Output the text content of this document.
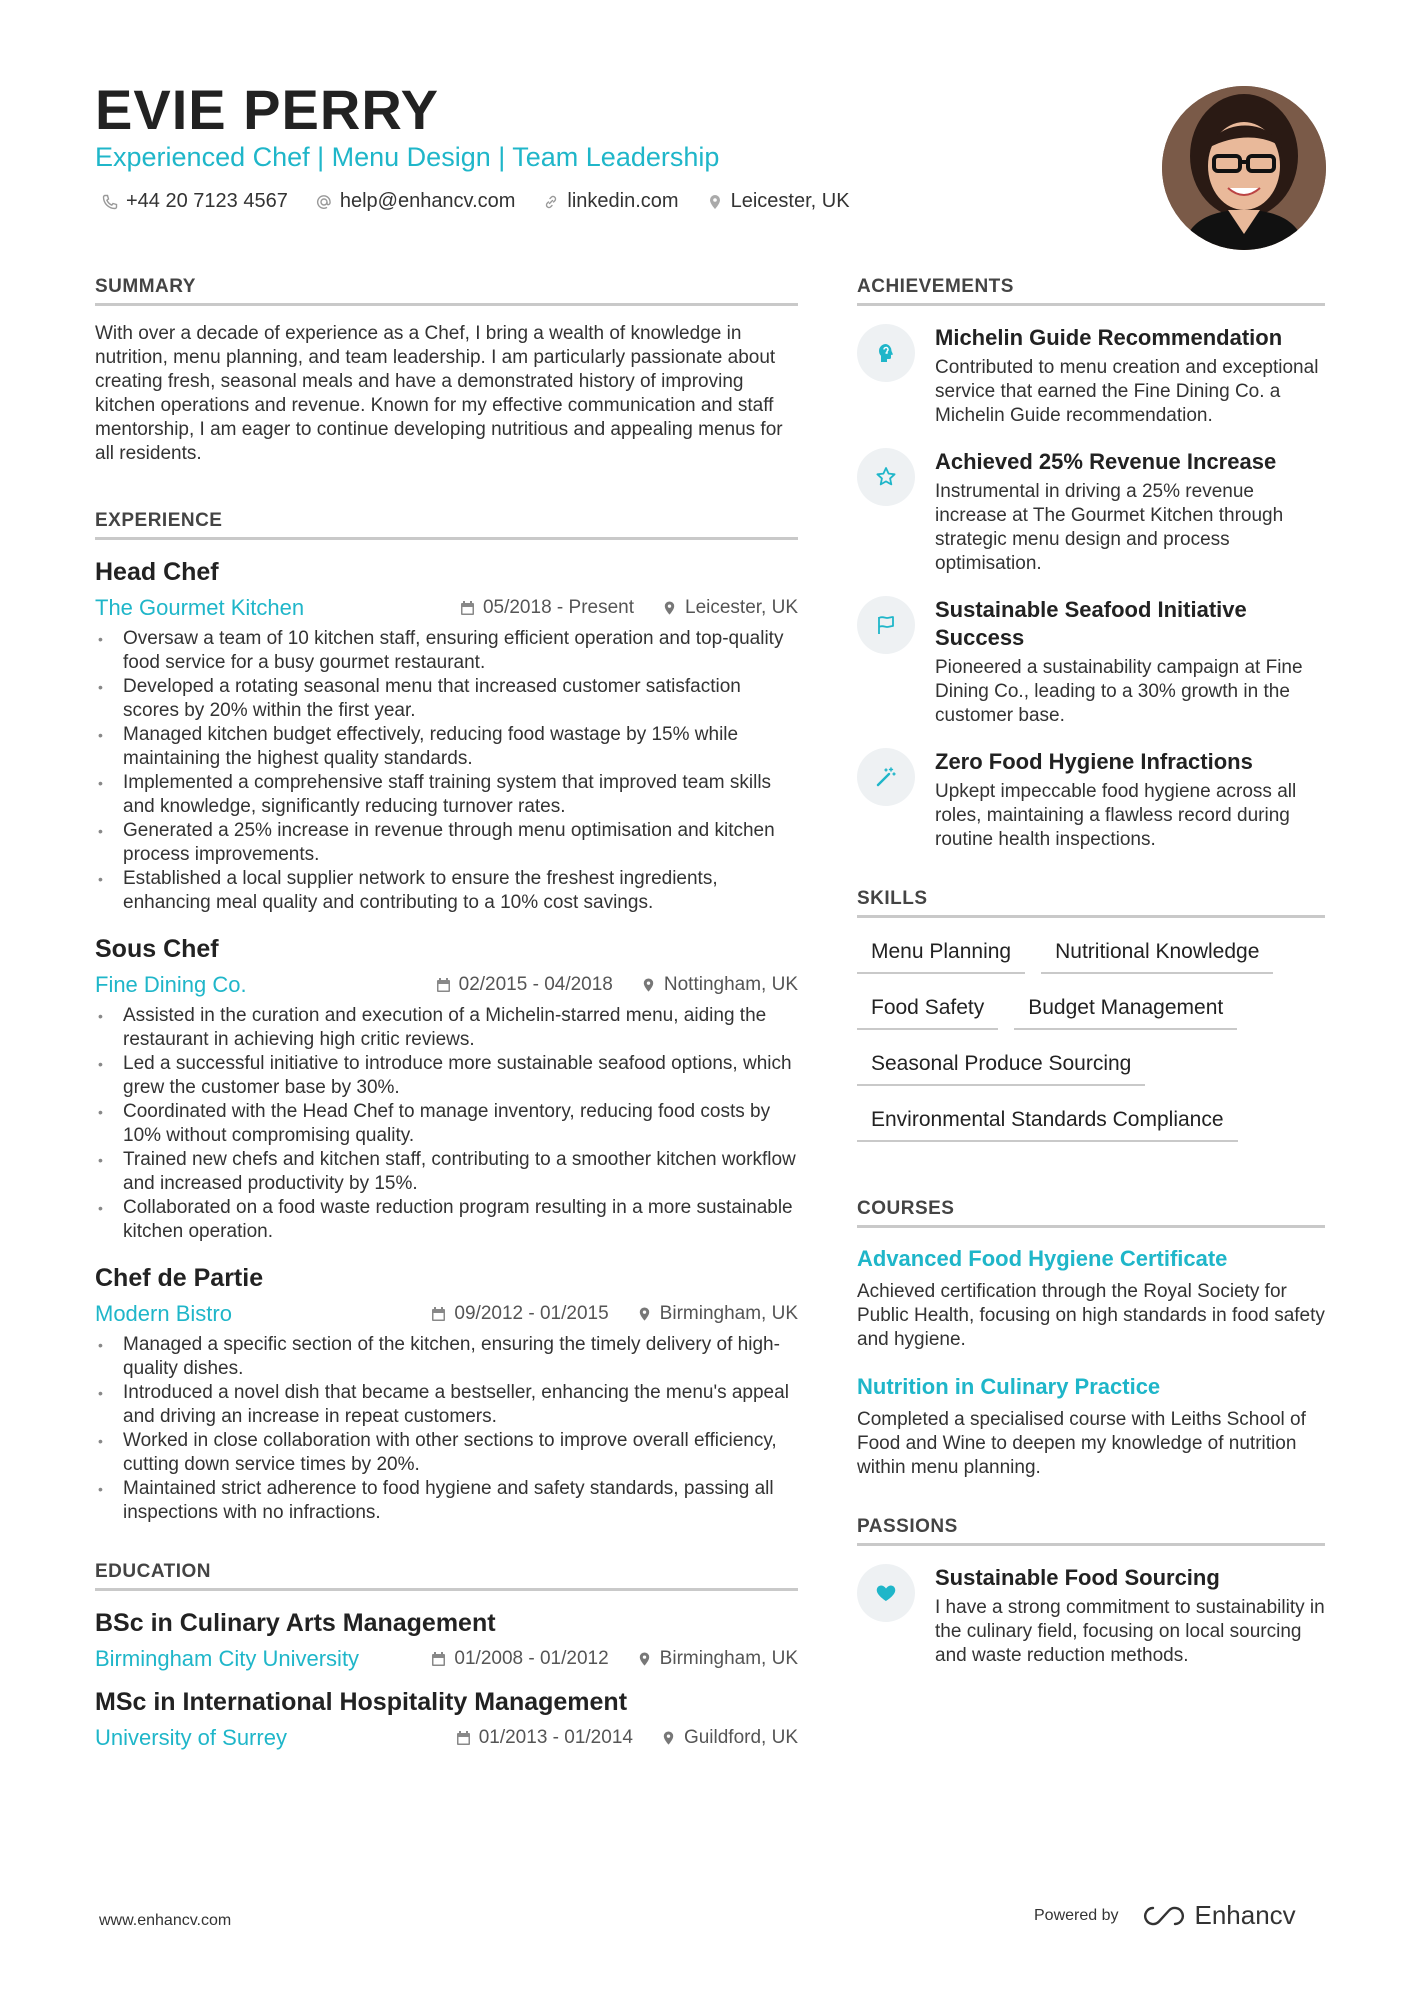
EVIE PERRY
Experienced Chef | Menu Design | Team Leadership
+44 20 7123 4567	help@enhancv.com	linkedin.com	Leicester, UK
SUMMARY

With over a decade of experience as a Chef, I bring a wealth of knowledge in nutrition, menu planning, and team leadership. I am particularly passionate about creating fresh, seasonal meals and have a demonstrated history of improving kitchen operations and revenue. Known for my effective communication and staff mentorship, I am eager to continue developing nutritious and appealing menus for all residents.

EXPERIENCE
Head Chef
The Gourmet Kitchen	05/2018 - Present	Leicester, UK
• Oversaw a team of 10 kitchen staff, ensuring efficient operation and top-quality food service for a busy gourmet restaurant.
• Developed a rotating seasonal menu that increased customer satisfaction scores by 20% within the first year.
• Managed kitchen budget effectively, reducing food wastage by 15% while maintaining the highest quality standards.
• Implemented a comprehensive staff training system that improved team skills and knowledge, significantly reducing turnover rates.
• Generated a 25% increase in revenue through menu optimisation and kitchen process improvements.
• Established a local supplier network to ensure the freshest ingredients, enhancing meal quality and contributing to a 10% cost savings.
Sous Chef
Fine Dining Co.	02/2015 - 04/2018	Nottingham, UK
• Assisted in the curation and execution of a Michelin-starred menu, aiding the restaurant in achieving high critic reviews.
• Led a successful initiative to introduce more sustainable seafood options, which grew the customer base by 30%.
• Coordinated with the Head Chef to manage inventory, reducing food costs by 10% without compromising quality.
• Trained new chefs and kitchen staff, contributing to a smoother kitchen workflow and increased productivity by 15%.
• Collaborated on a food waste reduction program resulting in a more sustainable kitchen operation.
Chef de Partie
Modern Bistro	09/2012 - 01/2015	Birmingham, UK
• Managed a specific section of the kitchen, ensuring the timely delivery of high-quality dishes.
• Introduced a novel dish that became a bestseller, enhancing the menu's appeal and driving an increase in repeat customers.
• Worked in close collaboration with other sections to improve overall efficiency, cutting down service times by 20%.
• Maintained strict adherence to food hygiene and safety standards, passing all inspections with no infractions.
EDUCATION
BSc in Culinary Arts Management
Birmingham City University	01/2008 - 01/2012	Birmingham, UK
MSc in International Hospitality Management
University of Surrey	01/2013 - 01/2014	Guildford, UK
ACHIEVEMENTS
Michelin Guide Recommendation

Contributed to menu creation and exceptional service that earned the Fine Dining Co. a Michelin Guide recommendation.

Achieved 25% Revenue Increase

Instrumental in driving a 25% revenue increase at The Gourmet Kitchen through strategic menu design and process optimisation.

Sustainable Seafood Initiative Success

Pioneered a sustainability campaign at Fine Dining Co., leading to a 30% growth in the customer base.

Zero Food Hygiene Infractions

Upkept impeccable food hygiene across all roles, maintaining a flawless record during routine health inspections.

SKILLS
Menu Planning	Nutritional Knowledge
Food Safety	Budget Management
Seasonal Produce Sourcing
Environmental Standards Compliance
COURSES
Advanced Food Hygiene Certificate

Achieved certification through the Royal Society for Public Health, focusing on high standards in food safety and hygiene.

Nutrition in Culinary Practice

Completed a specialised course with Leiths School of Food and Wine to deepen my knowledge of nutrition within menu planning.

PASSIONS
Sustainable Food Sourcing

I have a strong commitment to sustainability in the culinary field, focusing on local sourcing and waste reduction methods.

www.enhancv.com	Powered by	Enhancv
